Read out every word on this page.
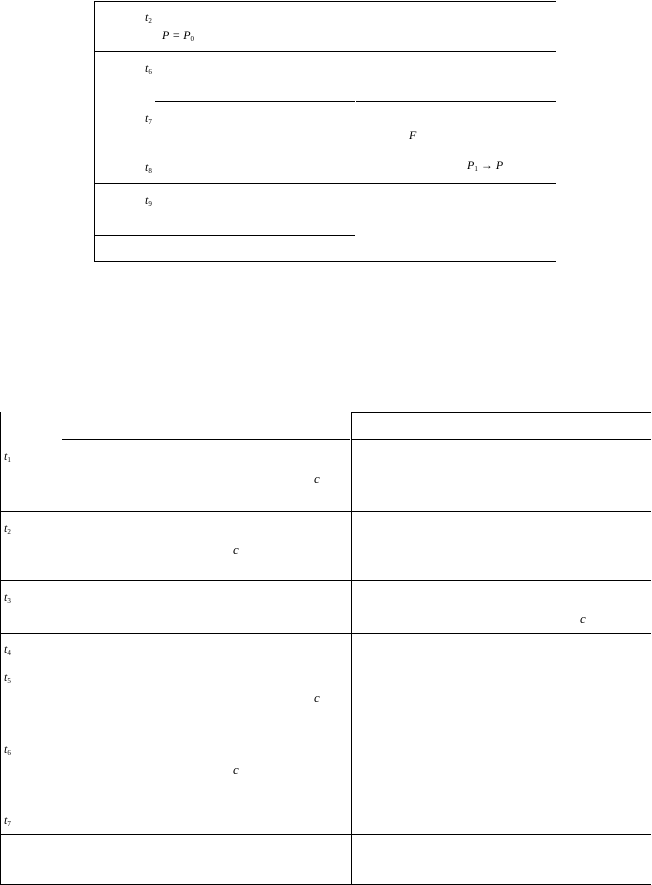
$t_2$
$P = P_0$
$t_6$
$t_7$
F
$t_8$	$P_1 \to P$
$t_9$
$t_1$
c
$t_2$
c
$t_3$
c
$t_4$
$t_5$
c
$t_6$
c
$t_7$
